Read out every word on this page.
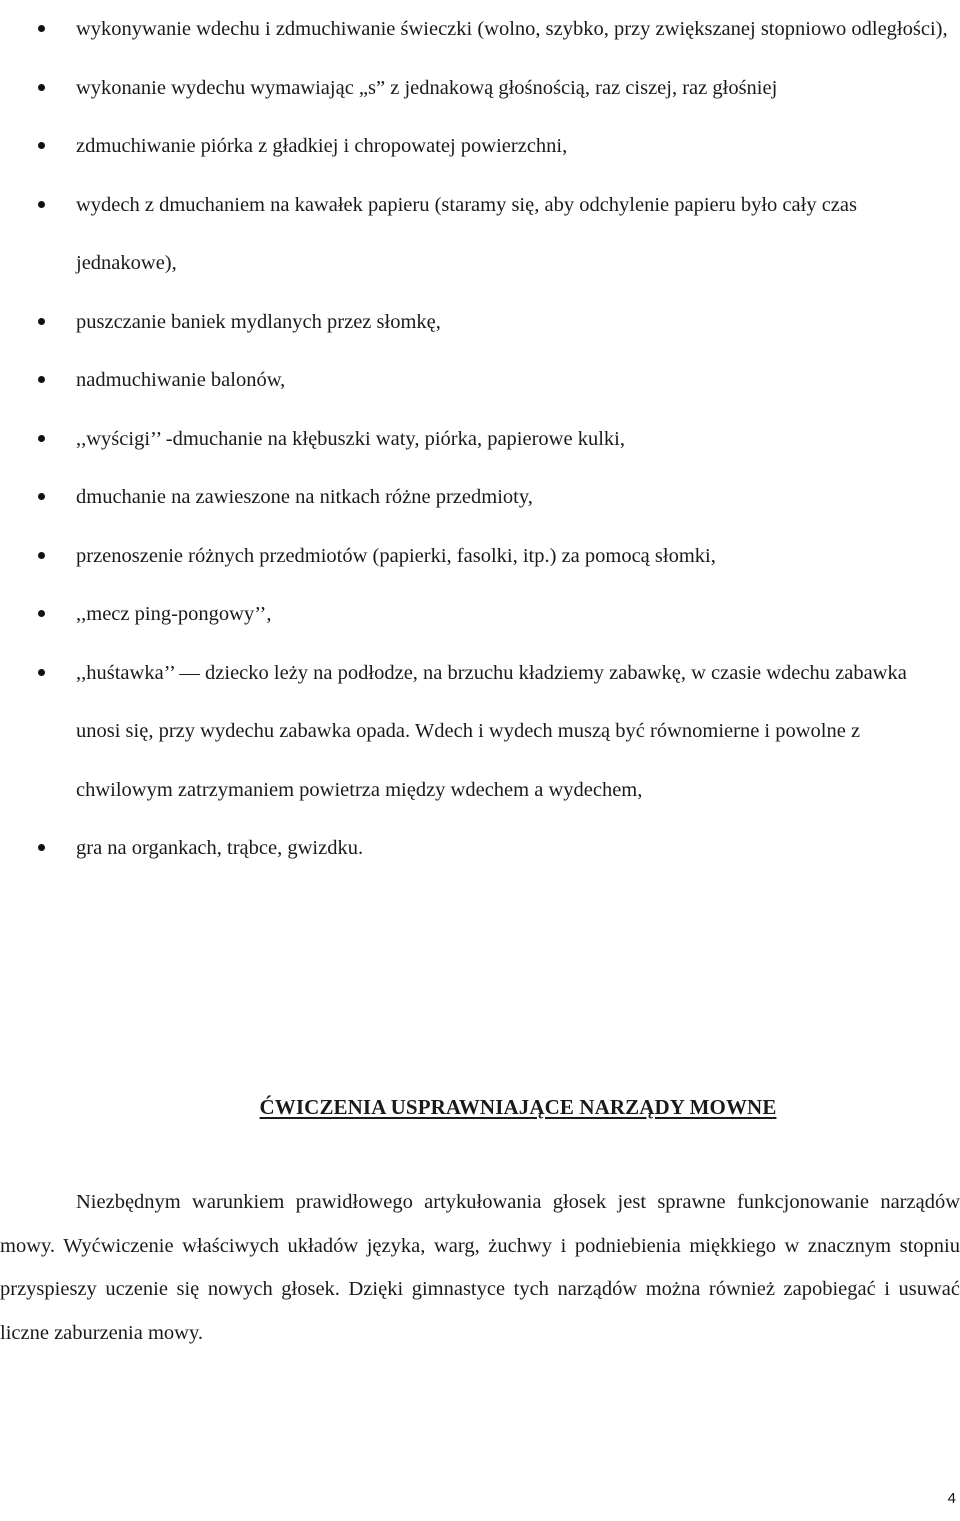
wykonywanie wdechu i zdmuchiwanie świeczki (wolno, szybko, przy zwiększanej stopniowo odległości),
wykonanie wydechu wymawiając „s” z jednakową głośnością, raz ciszej, raz głośniej
zdmuchiwanie piórka z gładkiej i chropowatej powierzchni,
wydech z dmuchaniem na kawałek papieru (staramy się, aby odchylenie papieru było cały czas jednakowe),
puszczanie baniek mydlanych przez słomkę,
nadmuchiwanie balonów,
,,wyścigi’’ -dmuchanie na kłębuszki waty, piórka, papierowe kulki,
dmuchanie na zawieszone na nitkach różne przedmioty,
przenoszenie różnych przedmiotów (papierki, fasolki, itp.) za pomocą słomki,
,,mecz ping-pongowy’’,
,,huśtawka’’ — dziecko leży na podłodze, na brzuchu kładziemy zabawkę, w czasie wdechu zabawka unosi się, przy wydechu zabawka opada. Wdech i wydech muszą być równomierne i powolne z chwilowym zatrzymaniem powietrza między wdechem a wydechem,
gra na organkach, trąbce, gwizdku.
ĆWICZENIA USPRAWNIAJĄCE NARZĄDY MOWNE

Niezbędnym warunkiem prawidłowego artykułowania głosek jest sprawne funkcjonowanie narządów mowy. Wyćwiczenie właściwych układów języka, warg, żuchwy i podniebienia miękkiego w znacznym stopniu przyspieszy uczenie się nowych głosek. Dzięki gimnastyce tych narządów można również zapobiegać i usuwać liczne zaburzenia mowy.

4
